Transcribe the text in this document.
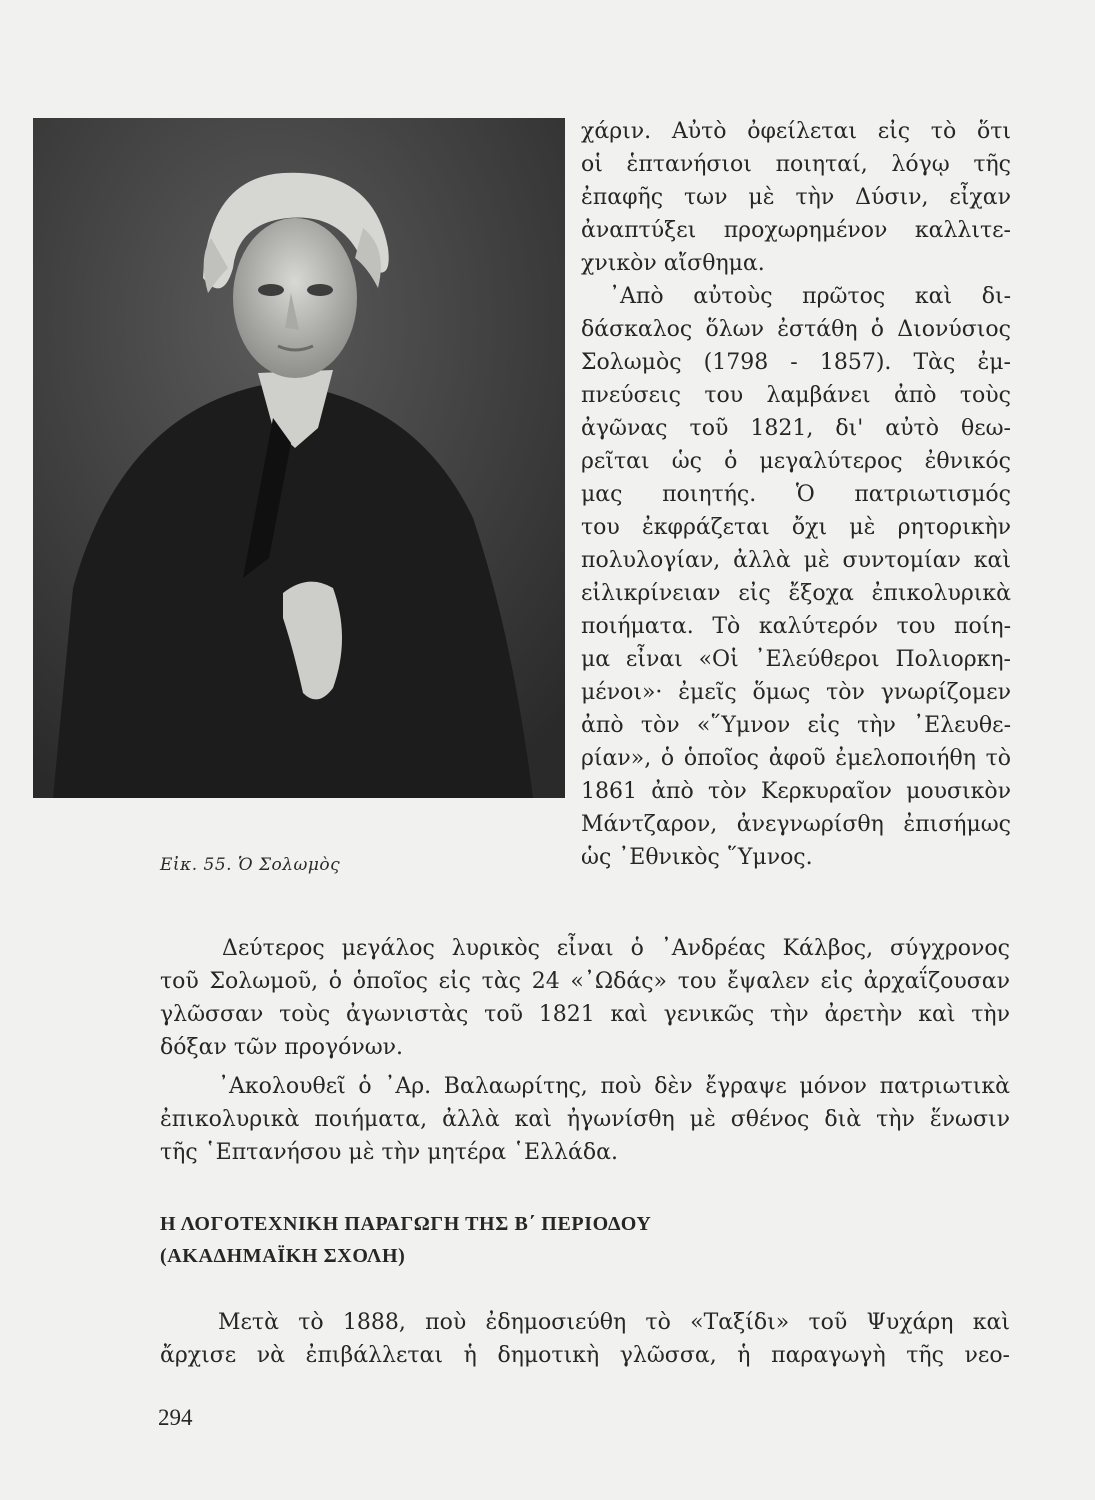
Εἰκ. 55. Ὁ Σολωμὸς

χάριν. Αὐτὸ ὀφείλεται εἰς τὸ ὅτι
οἱ ἑπτανήσιοι ποιηταί, λόγῳ τῆς
ἐπαφῆς των μὲ τὴν Δύσιν, εἶχαν
ἀναπτύξει προχωρημένον καλλιτε-
χνικὸν αἴσθημα.
᾿Απὸ αὐτοὺς πρῶτος καὶ δι-
δάσκαλος ὅλων ἐστάθη ὁ Διονύσιος
Σολωμὸς (1798 - 1857). Τὰς ἐμ-
πνεύσεις του λαμβάνει ἀπὸ τοὺς
ἀγῶνας τοῦ 1821, δι' αὐτὸ θεω-
ρεῖται ὡς ὁ μεγαλύτερος ἐθνικός
μας ποιητής. Ὁ πατριωτισμός
του ἐκφράζεται ὄχι μὲ ρητορικὴν
πολυλογίαν, ἀλλὰ μὲ συντομίαν καὶ
εἰλικρίνειαν εἰς ἔξοχα ἐπικολυρικὰ
ποιήματα. Τὸ καλύτερόν του ποίη-
μα εἶναι «Οἱ ᾿Ελεύθεροι Πολιορκη-
μένοι»· ἐμεῖς ὅμως τὸν γνωρίζομεν
ἀπὸ τὸν «῞Υμνον εἰς τὴν ᾿Ελευθε-
ρίαν», ὁ ὁποῖος ἀφοῦ ἐμελοποιήθη τὸ
1861 ἀπὸ τὸν Κερκυραῖον μουσικὸν
Μάντζαρον, ἀνεγνωρίσθη ἐπισήμως
ὡς ᾿Εθνικὸς ῞Υμνος.
Δεύτερος μεγάλος λυρικὸς εἶναι ὁ ᾿Ανδρέας Κάλβος, σύγχρονος
τοῦ Σολωμοῦ, ὁ ὁποῖος εἰς τὰς 24 «᾿Ωδάς» του ἔψαλεν εἰς ἀρχαΐζουσαν
γλῶσσαν τοὺς ἀγωνιστὰς τοῦ 1821 καὶ γενικῶς τὴν ἀρετὴν καὶ τὴν
δόξαν τῶν προγόνων.
᾿Ακολουθεῖ ὁ ᾿Αρ. Βαλαωρίτης, ποὺ δὲν ἔγραψε μόνον πατριωτικὰ
ἐπικολυρικὰ ποιήματα, ἀλλὰ καὶ ἠγωνίσθη μὲ σθένος διὰ τὴν ἕνωσιν
τῆς ῾Επτανήσου μὲ τὴν μητέρα ῾Ελλάδα.

Η ΛΟΓΟΤΕΧΝΙΚΗ ΠΑΡΑΓΩΓΗ ΤΗΣ Β΄ ΠΕΡΙΟΔΟΥ

(ΑΚΑΔΗΜΑΪΚΗ ΣΧΟΛΗ)

Μετὰ τὸ 1888, ποὺ ἐδημοσιεύθη τὸ «Ταξίδι» τοῦ Ψυχάρη καὶ
ἄρχισε νὰ ἐπιβάλλεται ἡ δημοτικὴ γλῶσσα, ἡ παραγωγὴ τῆς νεο-

294
